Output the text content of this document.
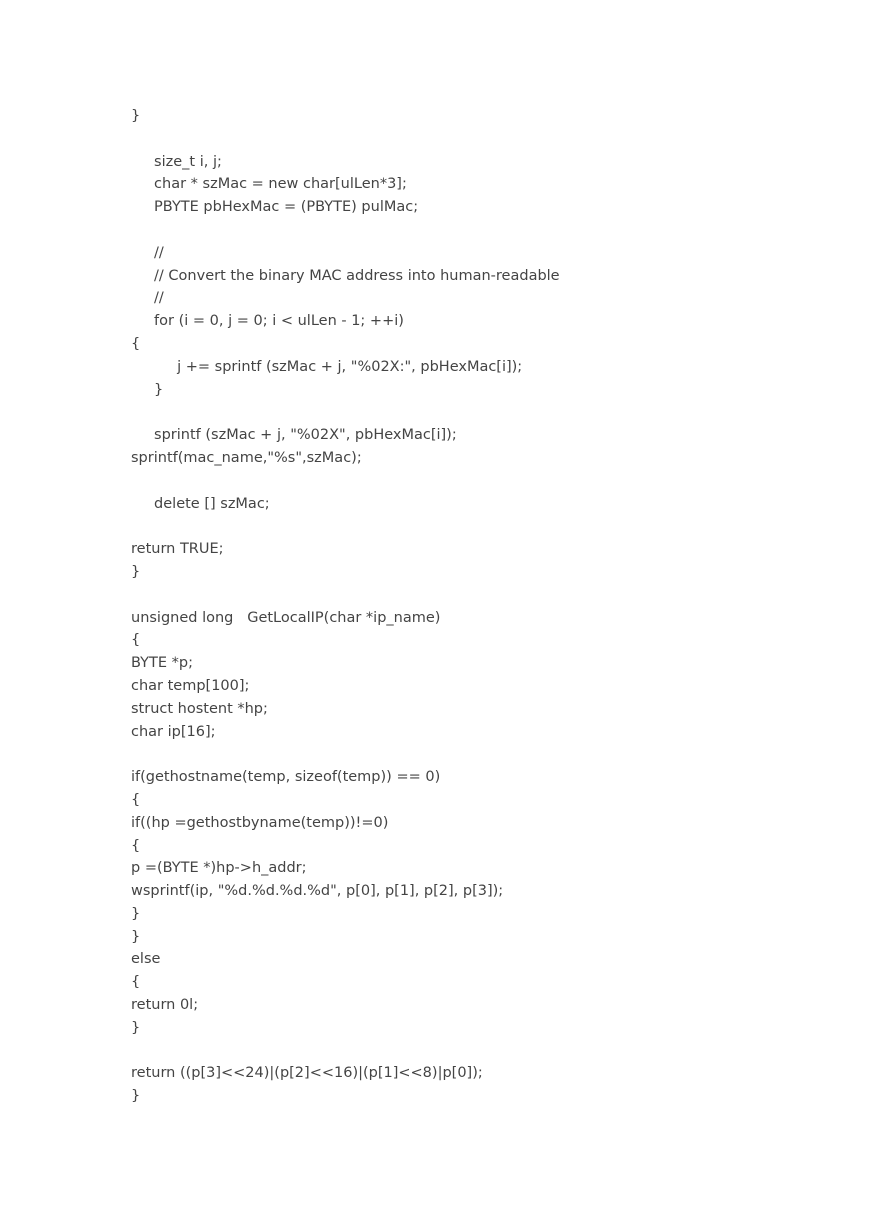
}
size_t i, j;
char * szMac = new char[ulLen*3];
PBYTE pbHexMac = (PBYTE) pulMac;
//
// Convert the binary MAC address into human-readable
//
for (i = 0, j = 0; i < ulLen - 1; ++i)
{
j += sprintf (szMac + j, "%02X:", pbHexMac[i]);
}
sprintf (szMac + j, "%02X", pbHexMac[i]);
sprintf(mac_name,"%s",szMac);
delete [] szMac;
return TRUE;
}
unsigned long   GetLocalIP(char *ip_name)
{
BYTE *p;
char temp[100];
struct hostent *hp;
char ip[16];
if(gethostname(temp, sizeof(temp)) == 0)
{
if((hp =gethostbyname(temp))!=0)
{
p =(BYTE *)hp->h_addr;
wsprintf(ip, "%d.%d.%d.%d", p[0], p[1], p[2], p[3]);
}
}
else
{
return 0l;
}
return ((p[3]<<24)|(p[2]<<16)|(p[1]<<8)|p[0]);
}
